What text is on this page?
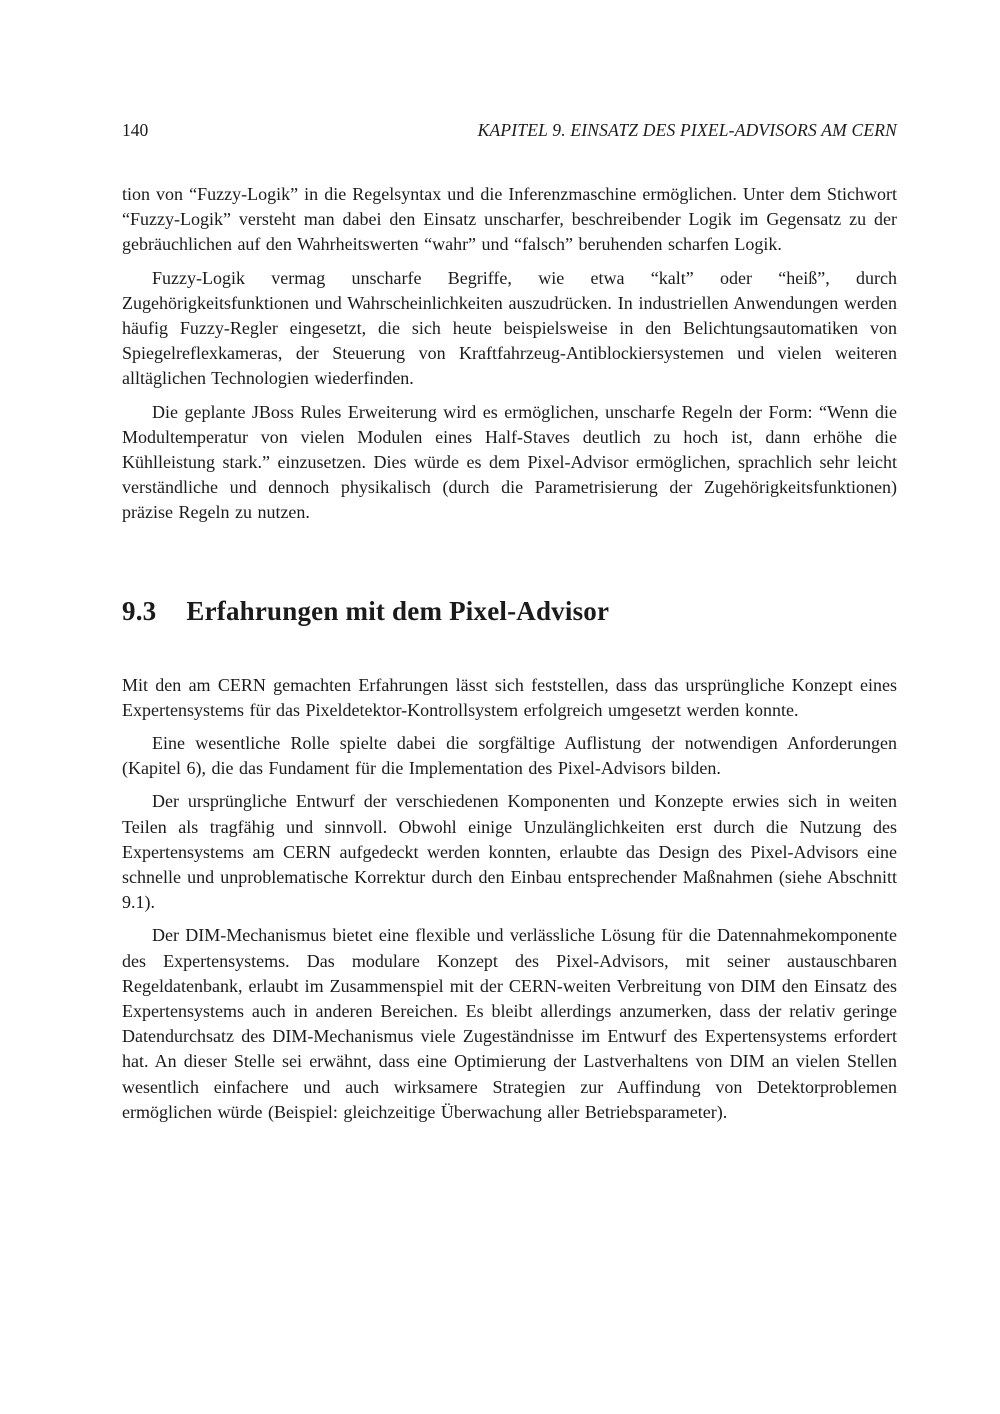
140	KAPITEL 9. EINSATZ DES PIXEL-ADVISORS AM CERN

tion von “Fuzzy-Logik” in die Regelsyntax und die Inferenzmaschine ermöglichen. Unter dem Stichwort “Fuzzy-Logik” versteht man dabei den Einsatz unscharfer, beschreibender Logik im Gegensatz zu der gebräuchlichen auf den Wahrheitswerten “wahr” und “falsch” beruhenden scharfen Logik.

Fuzzy-Logik vermag unscharfe Begriffe, wie etwa “kalt” oder “heiß”, durch Zugehörigkeitsfunktionen und Wahrscheinlichkeiten auszudrücken. In industriellen Anwendungen werden häufig Fuzzy-Regler eingesetzt, die sich heute beispielsweise in den Belichtungsautomatiken von Spiegelreflexkameras, der Steuerung von Kraftfahrzeug-Antiblockiersystemen und vielen weiteren alltäglichen Technologien wiederfinden.

Die geplante JBoss Rules Erweiterung wird es ermöglichen, unscharfe Regeln der Form: “Wenn die Modultemperatur von vielen Modulen eines Half-Staves deutlich zu hoch ist, dann erhöhe die Kühlleistung stark.” einzusetzen. Dies würde es dem Pixel-Advisor ermöglichen, sprachlich sehr leicht verständliche und dennoch physikalisch (durch die Parametrisierung der Zugehörigkeitsfunktionen) präzise Regeln zu nutzen.

9.3 Erfahrungen mit dem Pixel-Advisor

Mit den am CERN gemachten Erfahrungen lässt sich feststellen, dass das ursprüngliche Konzept eines Expertensystems für das Pixeldetektor-Kontrollsystem erfolgreich umgesetzt werden konnte.

Eine wesentliche Rolle spielte dabei die sorgfältige Auflistung der notwendigen Anforderungen (Kapitel 6), die das Fundament für die Implementation des Pixel-Advisors bilden.

Der ursprüngliche Entwurf der verschiedenen Komponenten und Konzepte erwies sich in weiten Teilen als tragfähig und sinnvoll. Obwohl einige Unzulänglichkeiten erst durch die Nutzung des Expertensystems am CERN aufgedeckt werden konnten, erlaubte das Design des Pixel-Advisors eine schnelle und unproblematische Korrektur durch den Einbau entsprechender Maßnahmen (siehe Abschnitt 9.1).

Der DIM-Mechanismus bietet eine flexible und verlässliche Lösung für die Datennahmekomponente des Expertensystems. Das modulare Konzept des Pixel-Advisors, mit seiner austauschbaren Regeldatenbank, erlaubt im Zusammenspiel mit der CERN-weiten Verbreitung von DIM den Einsatz des Expertensystems auch in anderen Bereichen. Es bleibt allerdings anzumerken, dass der relativ geringe Datendurchsatz des DIM-Mechanismus viele Zugeständnisse im Entwurf des Expertensystems erfordert hat. An dieser Stelle sei erwähnt, dass eine Optimierung der Lastverhaltens von DIM an vielen Stellen wesentlich einfachere und auch wirksamere Strategien zur Auffindung von Detektorproblemen ermöglichen würde (Beispiel: gleichzeitige Überwachung aller Betriebsparameter).
